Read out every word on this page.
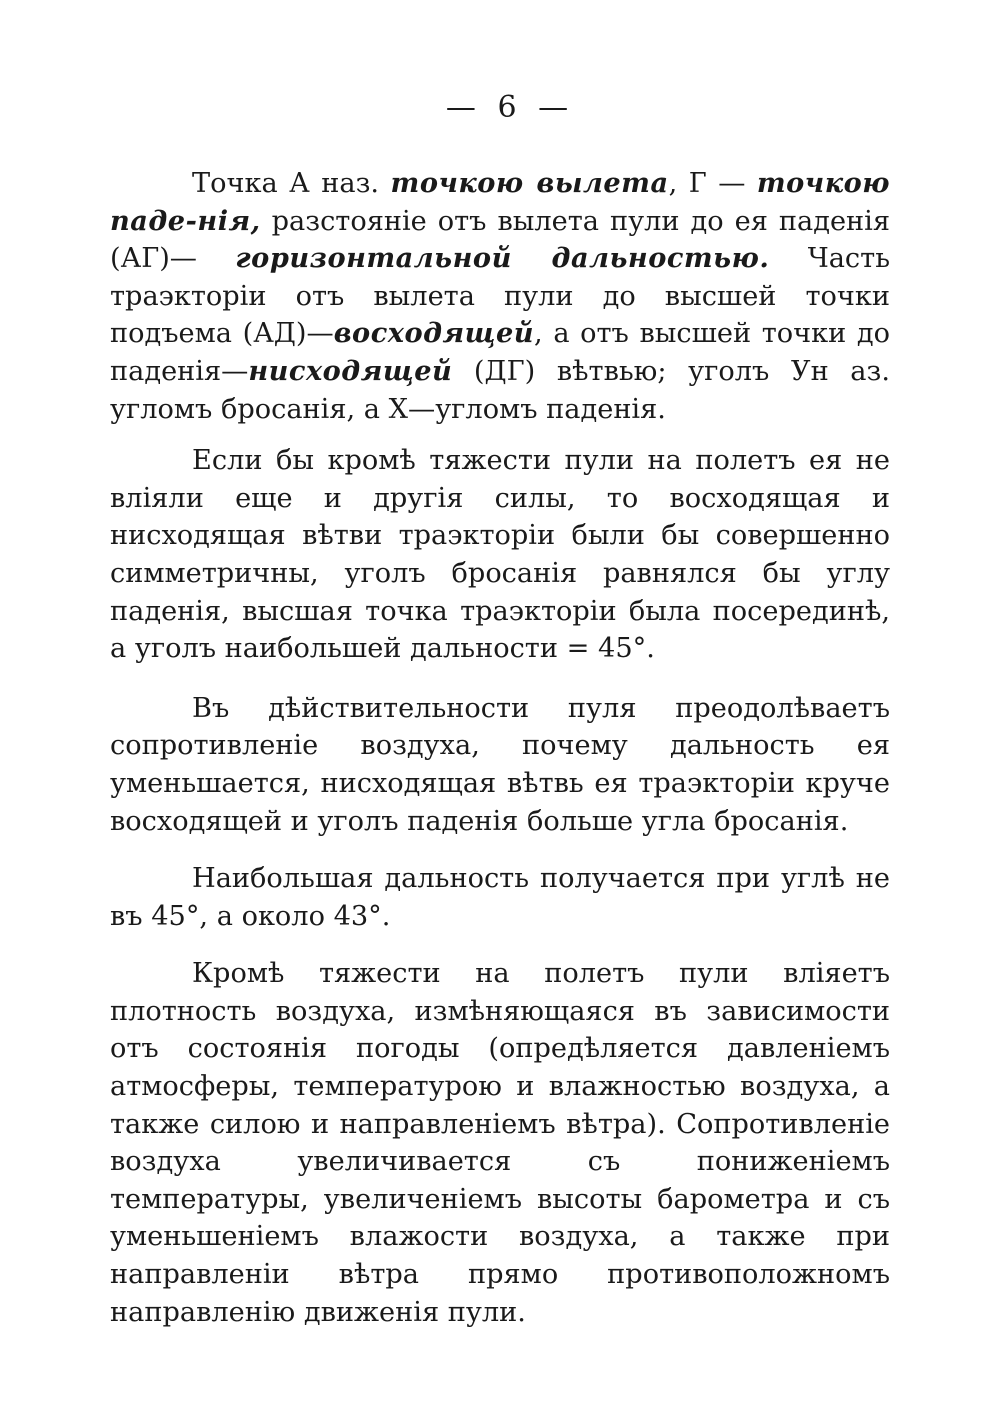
— 6 —

Точка А наз. точкою вылета, Г — точкою паде-нія, разстояніе отъ вылета пули до ея паденія (АГ)— горизонтальной дальностью. Часть траэкторіи отъ вылета пули до высшей точки подъема (АД)—восходящей, а отъ высшей точки до паденія—нисходящей (ДГ) вѣтвью; уголъ Ун аз. угломъ бросанія, а Х—угломъ паденія.

Если бы кромѣ тяжести пули на полетъ ея не вліяли еще и другія силы, то восходящая и нисходящая вѣтви траэкторіи были бы совершенно симметричны, уголъ бросанія равнялся бы углу паденія, высшая точка траэкторіи была посерединѣ, а уголъ наибольшей дальности = 45°.

Въ дѣйствительности пуля преодолѣваетъ сопротивленіе воздуха, почему дальность ея уменьшается, нисходящая вѣтвь ея траэкторіи круче восходящей и уголъ паденія больше угла бросанія.

Наибольшая дальность получается при углѣ не въ 45°, а около 43°.

Кромѣ тяжести на полетъ пули вліяетъ плотность воздуха, измѣняющаяся въ зависимости отъ состоянія погоды (опредѣляется давленіемъ атмосферы, температурою и влажностью воздуха, а также силою и направленіемъ вѣтра). Сопротивленіе воздуха увеличивается съ пониженіемъ температуры, увеличеніемъ высоты барометра и съ уменьшеніемъ влажости воздуха, а также при направленіи вѣтра прямо противоположномъ направленію движенія пули.
